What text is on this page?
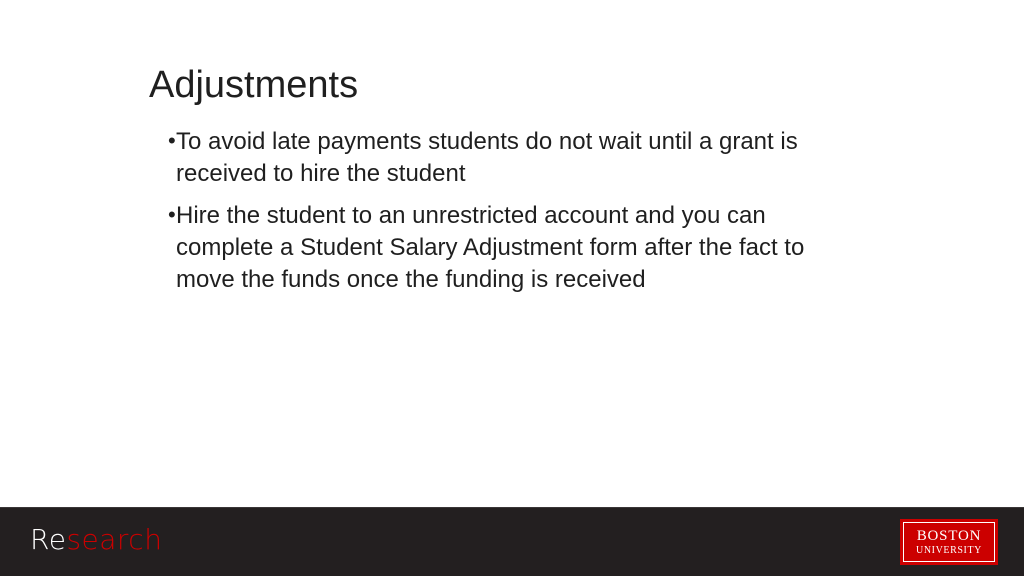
Adjustments
• To avoid late payments students do not wait until a grant is received to hire the student
• Hire the student to an unrestricted account and you can complete a Student Salary Adjustment form after the fact to move the funds once the funding is received
Research	BOSTON
UNIVERSITY
